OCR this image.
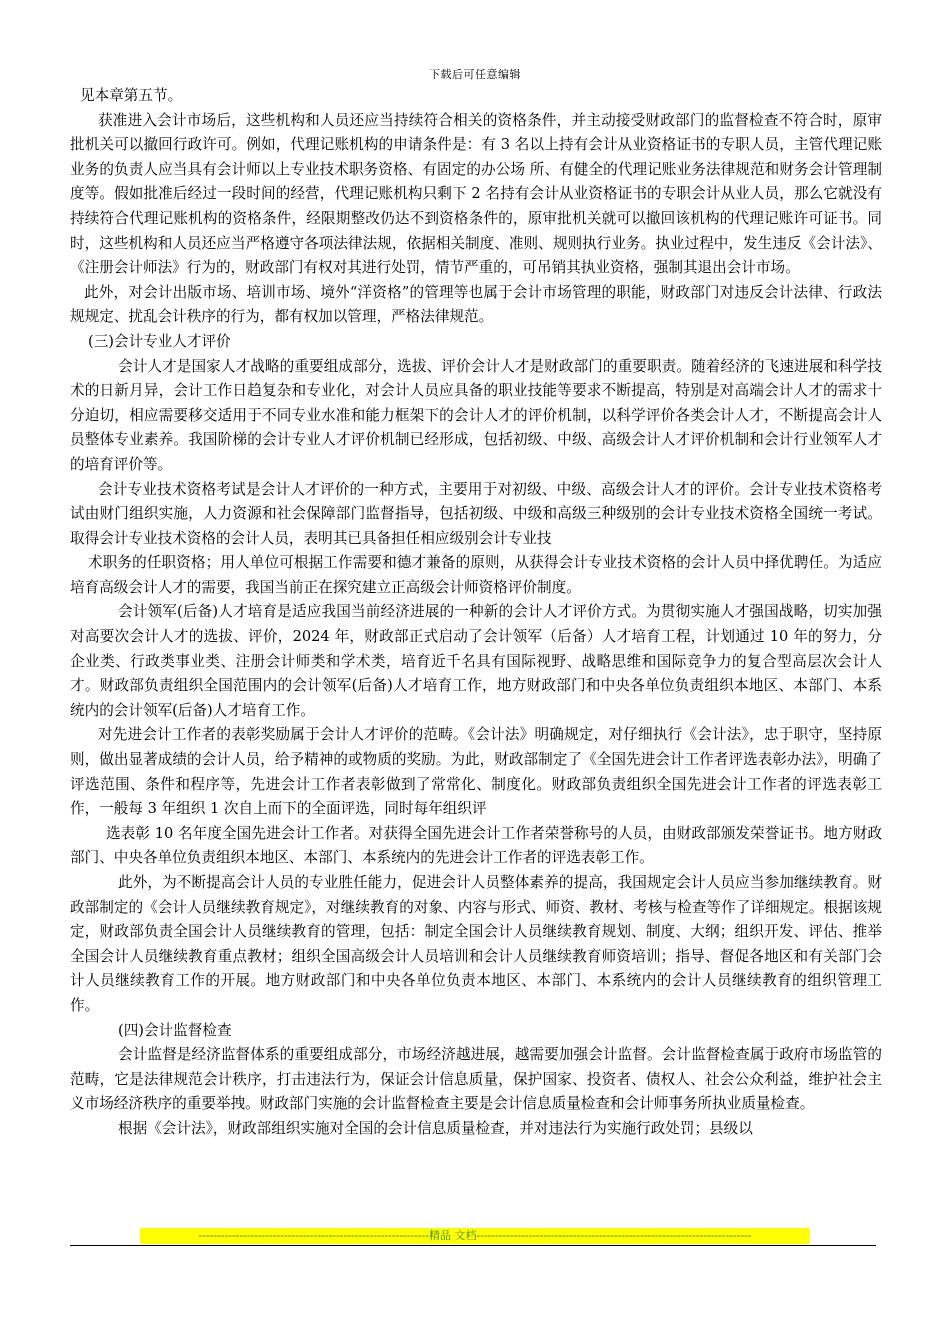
下载后可任意编辑

见本章第五节。

获准进入会计市场后，这些机构和人员还应当持续符合相关的资格条件，并主动接受财政部门的监督检查不符合时，原审批机关可以撤回行政许可。例如，代理记账机构的申请条件是：有 3 名以上持有会计从业资格证书的专职人员，主管代理记账业务的负责人应当具有会计师以上专业技术职务资格、有固定的办公场 所、有健全的代理记账业务法律规范和财务会计管理制度等。假如批准后经过一段时间的经营，代理记账机构只剩下 2 名持有会计从业资格证书的专职会计从业人员，那么它就没有持续符合代理记账机构的资格条件，经限期整改仍达不到资格条件的，原审批机关就可以撤回该机构的代理记账许可证书。同时，这些机构和人员还应当严格遵守各项法律法规，依据相关制度、准则、规则执行业务。执业过程中，发生违反《会计法》、《注册会计师法》行为的，财政部门有权对其进行处罚，情节严重的，可吊销其执业资格，强制其退出会计市场。

此外，对会计出版市场、培训市场、境外“洋资格”的管理等也属于会计市场管理的职能，财政部门对违反会计法律、行政法规规定、扰乱会计秩序的行为，都有权加以管理，严格法律规范。

(三)会计专业人才评价

会计人才是国家人才战略的重要组成部分，选拔、评价会计人才是财政部门的重要职责。随着经济的飞速进展和科学技术的日新月异，会计工作日趋复杂和专业化，对会计人员应具备的职业技能等要求不断提高，特别是对高端会计人才的需求十分迫切，相应需要移交适用于不同专业水准和能力框架下的会计人才的评价机制，以科学评价各类会计人才，不断提高会计人员整体专业素养。我国阶梯的会计专业人才评价机制已经形成，包括初级、中级、高级会计人才评价机制和会计行业领军人才的培育评价等。

会计专业技术资格考试是会计人才评价的一种方式，主要用于对初级、中级、高级会计人才的评价。会计专业技术资格考试由财门组织实施，人力资源和社会保障部门监督指导，包括初级、中级和高级三种级别的会计专业技术资格全国统一考试。取得会计专业技术资格的会计人员，表明其已具备担任相应级别会计专业技

术职务的任职资格；用人单位可根据工作需要和德才兼备的原则，从获得会计专业技术资格的会计人员中择优聘任。为适应培育高级会计人才的需要，我国当前正在探究建立正高级会计师资格评价制度。

会计领军(后备)人才培育是适应我国当前经济进展的一种新的会计人才评价方式。为贯彻实施人才强国战略，切实加强对高要次会计人才的选拔、评价，2024 年，财政部正式启动了会计领军（后备）人才培育工程，计划通过 10 年的努力，分企业类、行政类事业类、注册会计师类和学术类，培育近千名具有国际视野、战略思维和国际竞争力的复合型高层次会计人才。财政部负责组织全国范围内的会计领军(后备)人才培育工作，地方财政部门和中央各单位负责组织本地区、本部门、本系统内的会计领军(后备)人才培育工作。

对先进会计工作者的表彰奖励属于会计人才评价的范畴。《会计法》明确规定，对仔细执行《会计法》，忠于职守，坚持原则，做出显著成绩的会计人员，给予精神的或物质的奖励。为此，财政部制定了《全国先进会计工作者评选表彰办法》，明确了评选范围、条件和程序等，先进会计工作者表彰做到了常常化、制度化。财政部负责组织全国先进会计工作者的评选表彰工作，一般每 3 年组织 1 次自上而下的全面评选，同时每年组织评

选表彰 10 名年度全国先进会计工作者。对获得全国先进会计工作者荣誉称号的人员，由财政部颁发荣誉证书。地方财政部门、中央各单位负责组织本地区、本部门、本系统内的先进会计工作者的评选表彰工作。

此外，为不断提高会计人员的专业胜任能力，促进会计人员整体素养的提高，我国规定会计人员应当参加继续教育。财政部制定的《会计人员继续教育规定》，对继续教育的对象、内容与形式、师资、教材、考核与检查等作了详细规定。根据该规定，财政部负责全国会计人员继续教育的管理，包括：制定全国会计人员继续教育规划、制度、大纲；组织开发、评估、推举全国会计人员继续教育重点教材；组织全国高级会计人员培训和会计人员继续教育师资培训；指导、督促各地区和有关部门会计人员继续教育工作的开展。地方财政部门和中央各单位负责本地区、本部门、本系统内的会计人员继续教育的组织管理工作。

(四)会计监督检查

会计监督是经济监督体系的重要组成部分，市场经济越进展，越需要加强会计监督。会计监督检查属于政府市场监管的范畴，它是法律规范会计秩序，打击违法行为，保证会计信息质量，保护国家、投资者、债权人、社会公众利益，维护社会主义市场经济秩序的重要举拽。财政部门实施的会计监督检查主要是会计信息质量检查和会计师事务所执业质量检查。

根据《会计法》，财政部组织实施对全国的会计信息质量检查，并对违法行为实施行政处罚；县级以

--------------------------------------------------------------精品 文档--------------------------------------------------------------------------
